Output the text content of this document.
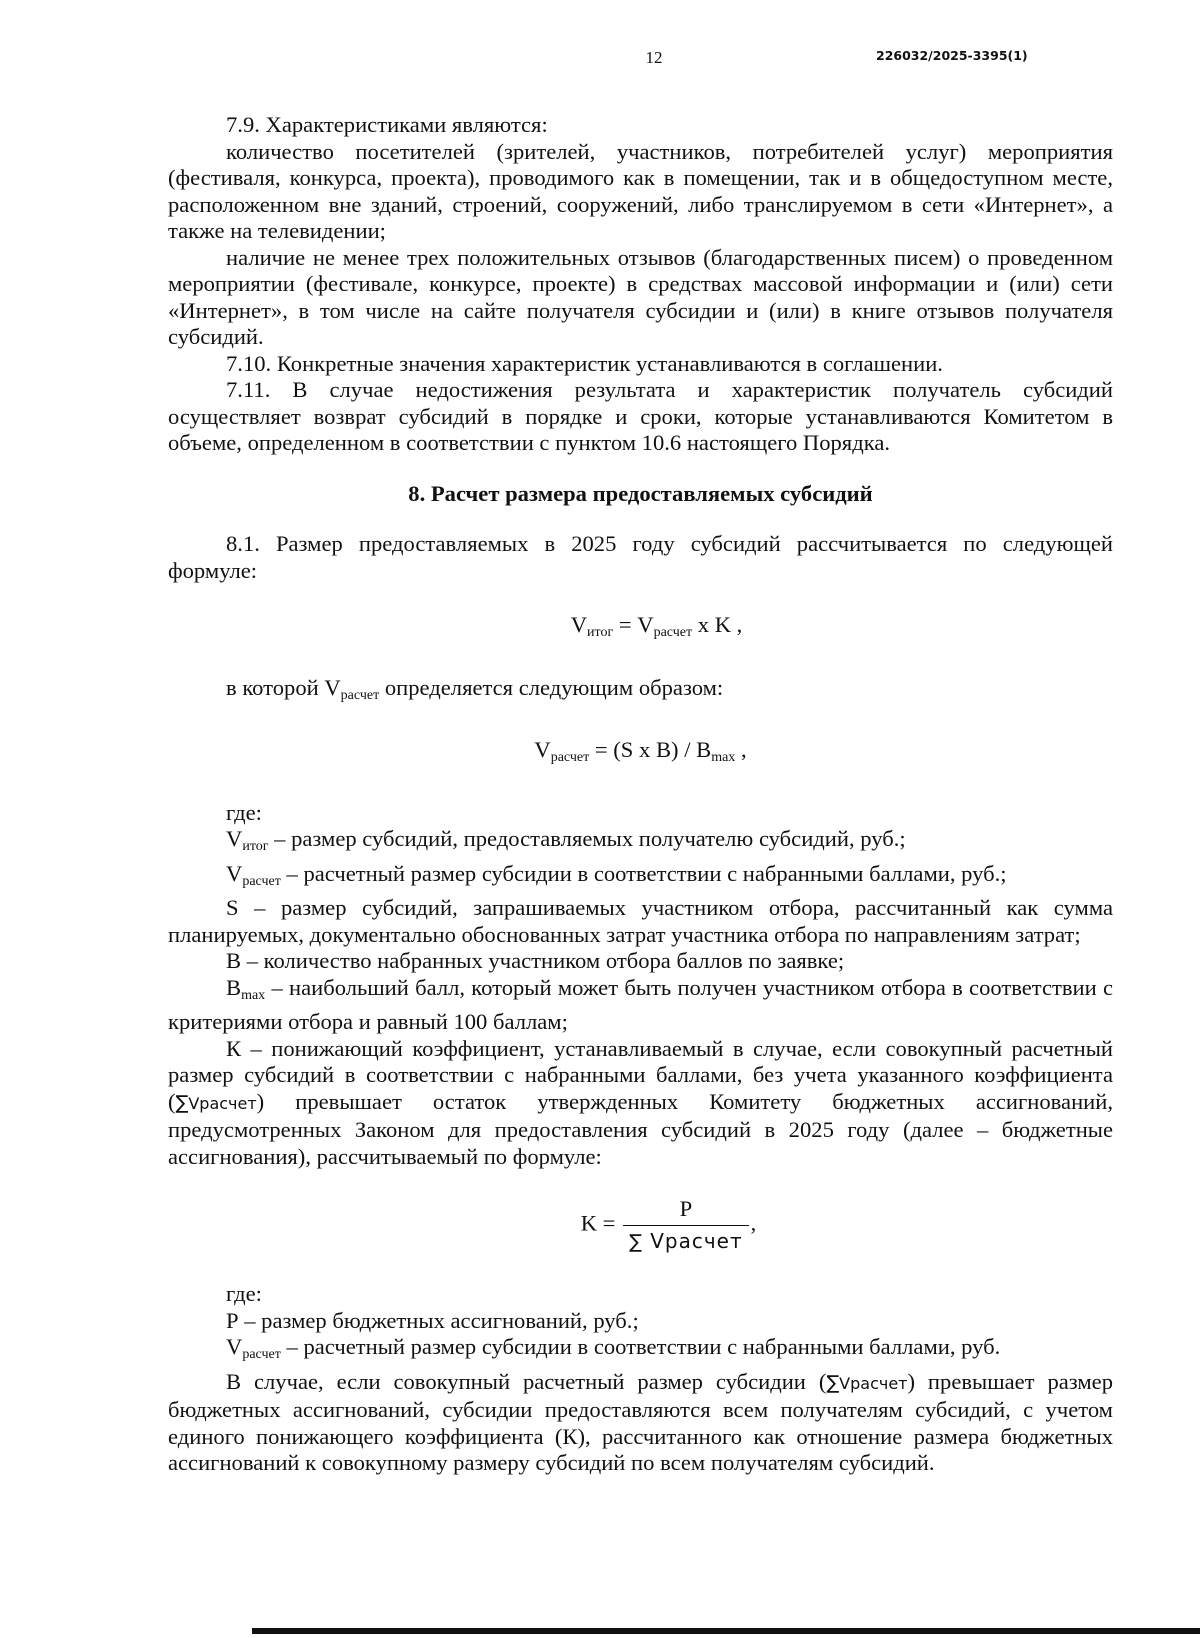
12	226032/2025-3395(1)

7.9. Характеристиками являются:

количество посетителей (зрителей, участников, потребителей услуг) мероприятия (фестиваля, конкурса, проекта), проводимого как в помещении, так и в общедоступном месте, расположенном вне зданий, строений, сооружений, либо транслируемом в сети «Интернет», а также на телевидении;

наличие не менее трех положительных отзывов (благодарственных писем) о проведенном мероприятии (фестивале, конкурсе, проекте) в средствах массовой информации и (или) сети «Интернет», в том числе на сайте получателя субсидии и (или) в книге отзывов получателя субсидий.

7.10. Конкретные значения характеристик устанавливаются в соглашении.

7.11. В случае недостижения результата и характеристик получатель субсидий осуществляет возврат субсидий в порядке и сроки, которые устанавливаются Комитетом в объеме, определенном в соответствии с пунктом 10.6 настоящего Порядка.

8. Расчет размера предоставляемых субсидий

8.1. Размер предоставляемых в 2025 году субсидий рассчитывается по следующей формуле:

$V_{итог} = V_{расчет}$ x K ,

в которой $V_{расчет}$ определяется следующим образом:

$V_{расчет} = (S$ x $B) / B_{max}$ ,

где:

$V_{итог}$ – размер субсидий, предоставляемых получателю субсидий, руб.;

$V_{расчет}$ – расчетный размер субсидии в соответствии с набранными баллами, руб.;

S – размер субсидий, запрашиваемых участником отбора, рассчитанный как сумма планируемых, документально обоснованных затрат участника отбора по направлениям затрат;

В – количество набранных участником отбора баллов по заявке;

$B_{max}$ – наибольший балл, который может быть получен участником отбора в соответствии с критериями отбора и равный 100 баллам;

К – понижающий коэффициент, устанавливаемый в случае, если совокупный расчетный размер субсидий в соответствии с набранными баллами, без учета указанного коэффициента (∑Vрасчет) превышает остаток утвержденных Комитету бюджетных ассигнований, предусмотренных Законом для предоставления субсидий в 2025 году (далее – бюджетные ассигнования), рассчитываемый по формуле:

$K = \frac{P}{\text{∑ Vрасчет}}$ ,

где:

Р – размер бюджетных ассигнований, руб.;

$V_{расчет}$ – расчетный размер субсидии в соответствии с набранными баллами, руб.

В случае, если совокупный расчетный размер субсидии (∑Vрасчет) превышает размер бюджетных ассигнований, субсидии предоставляются всем получателям субсидий, с учетом единого понижающего коэффициента (К), рассчитанного как отношение размера бюджетных ассигнований к совокупному размеру субсидий по всем получателям субсидий.
